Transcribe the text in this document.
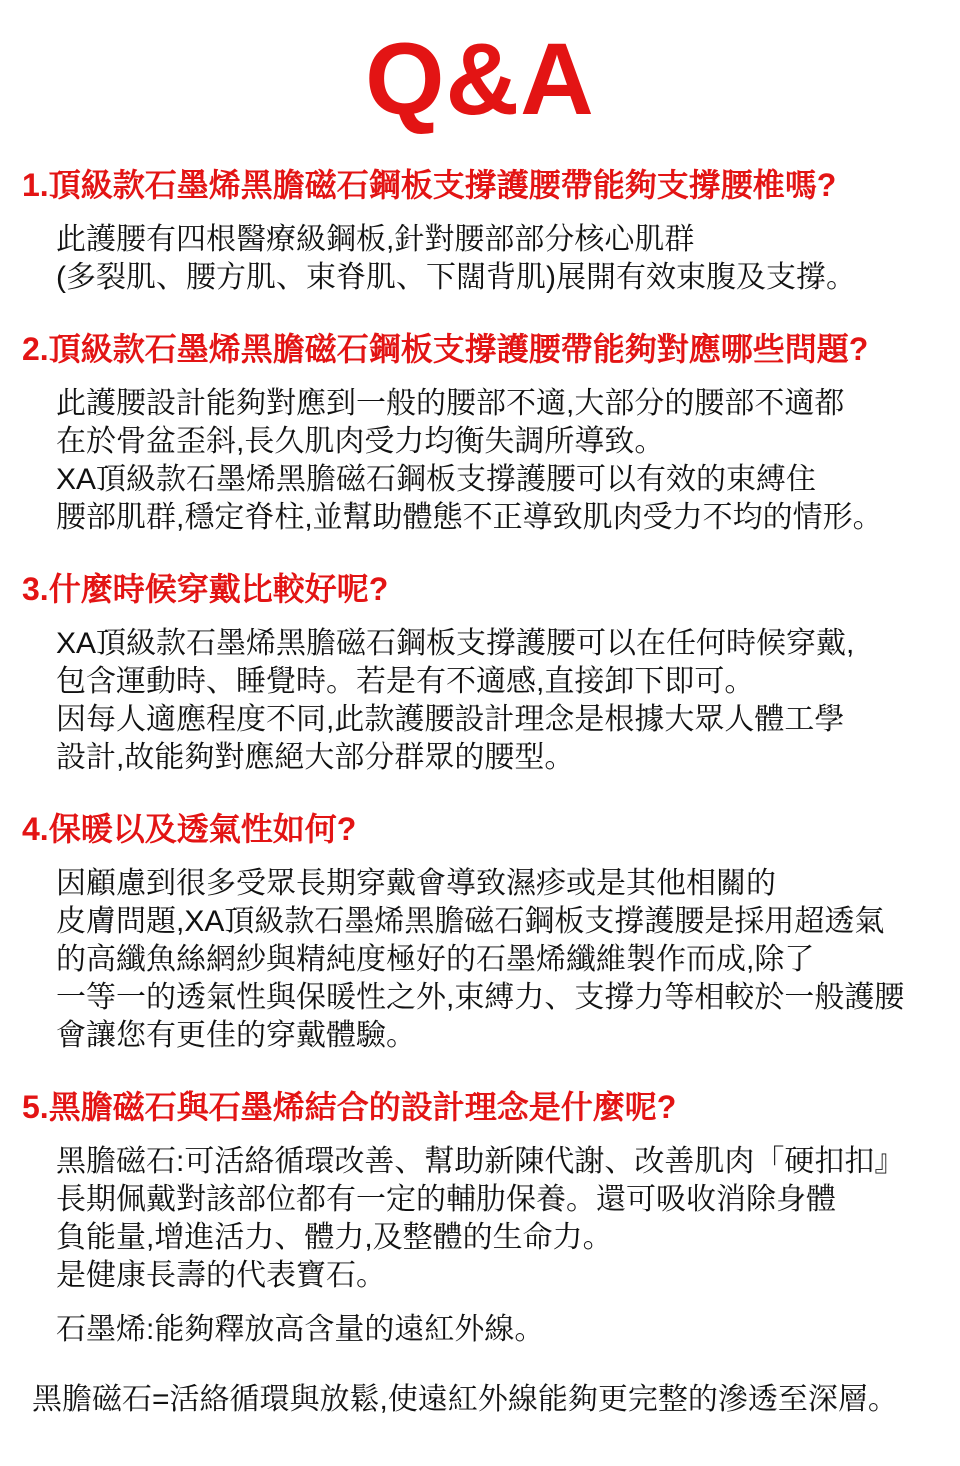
Q&A
1.頂級款石墨烯黑膽磁石鋼板支撐護腰帶能夠支撐腰椎嗎?
此護腰有四根醫療級鋼板,針對腰部部分核心肌群
(多裂肌、腰方肌、束脊肌、下闊背肌)展開有效束腹及支撐。
2.頂級款石墨烯黑膽磁石鋼板支撐護腰帶能夠對應哪些問題?
此護腰設計能夠對應到一般的腰部不適,大部分的腰部不適都
在於骨盆歪斜,長久肌肉受力均衡失調所導致。
XA頂級款石墨烯黑膽磁石鋼板支撐護腰可以有效的束縛住
腰部肌群,穩定脊柱,並幫助體態不正導致肌肉受力不均的情形。
3.什麼時候穿戴比較好呢?
XA頂級款石墨烯黑膽磁石鋼板支撐護腰可以在任何時候穿戴,
包含運動時、睡覺時。若是有不適感,直接卸下即可。
因每人適應程度不同,此款護腰設計理念是根據大眾人體工學
設計,故能夠對應絕大部分群眾的腰型。
4.保暖以及透氣性如何?
因顧慮到很多受眾長期穿戴會導致濕疹或是其他相關的
皮膚問題,XA頂級款石墨烯黑膽磁石鋼板支撐護腰是採用超透氣
的高纖魚絲網紗與精純度極好的石墨烯纖維製作而成,除了
一等一的透氣性與保暖性之外,束縛力、支撐力等相較於一般護腰
會讓您有更佳的穿戴體驗。
5.黑膽磁石與石墨烯結合的設計理念是什麼呢?
黑膽磁石:可活絡循環改善、幫助新陳代謝、改善肌肉「硬扣扣』
長期佩戴對該部位都有一定的輔肋保養。還可吸收消除身體
負能量,增進活力、體力,及整體的生命力。
是健康長壽的代表寶石。
石墨烯:能夠釋放高含量的遠紅外線。
黑膽磁石=活絡循環與放鬆,使遠紅外線能夠更完整的滲透至深層。
